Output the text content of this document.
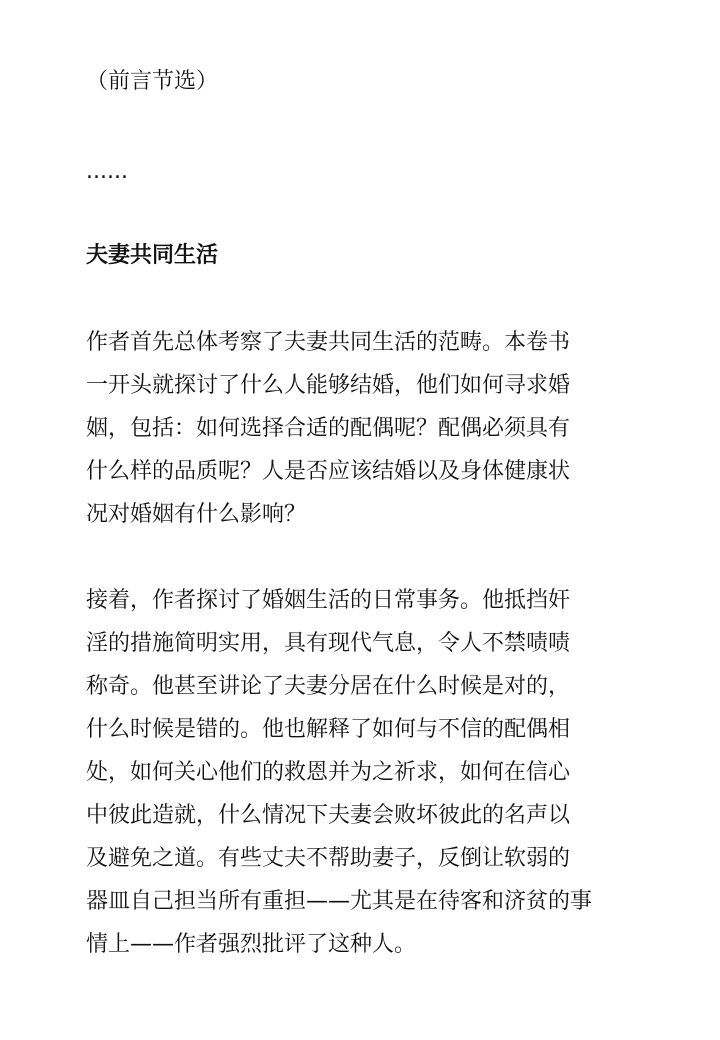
（前言节选）
......
夫妻共同生活
作者首先总体考察了夫妻共同生活的范畴。本卷书
一开头就探讨了什么人能够结婚，他们如何寻求婚
姻，包括：如何选择合适的配偶呢？配偶必须具有
什么样的品质呢？人是否应该结婚以及身体健康状
况对婚姻有什么影响？
接着，作者探讨了婚姻生活的日常事务。他抵挡奸
淫的措施简明实用，具有现代气息，令人不禁啧啧
称奇。他甚至讲论了夫妻分居在什么时候是对的，
什么时候是错的。他也解释了如何与不信的配偶相
处，如何关心他们的救恩并为之祈求，如何在信心
中彼此造就，什么情况下夫妻会败坏彼此的名声以
及避免之道。有些丈夫不帮助妻子，反倒让软弱的
器皿自己担当所有重担——尤其是在待客和济贫的事
情上——作者强烈批评了这种人。
